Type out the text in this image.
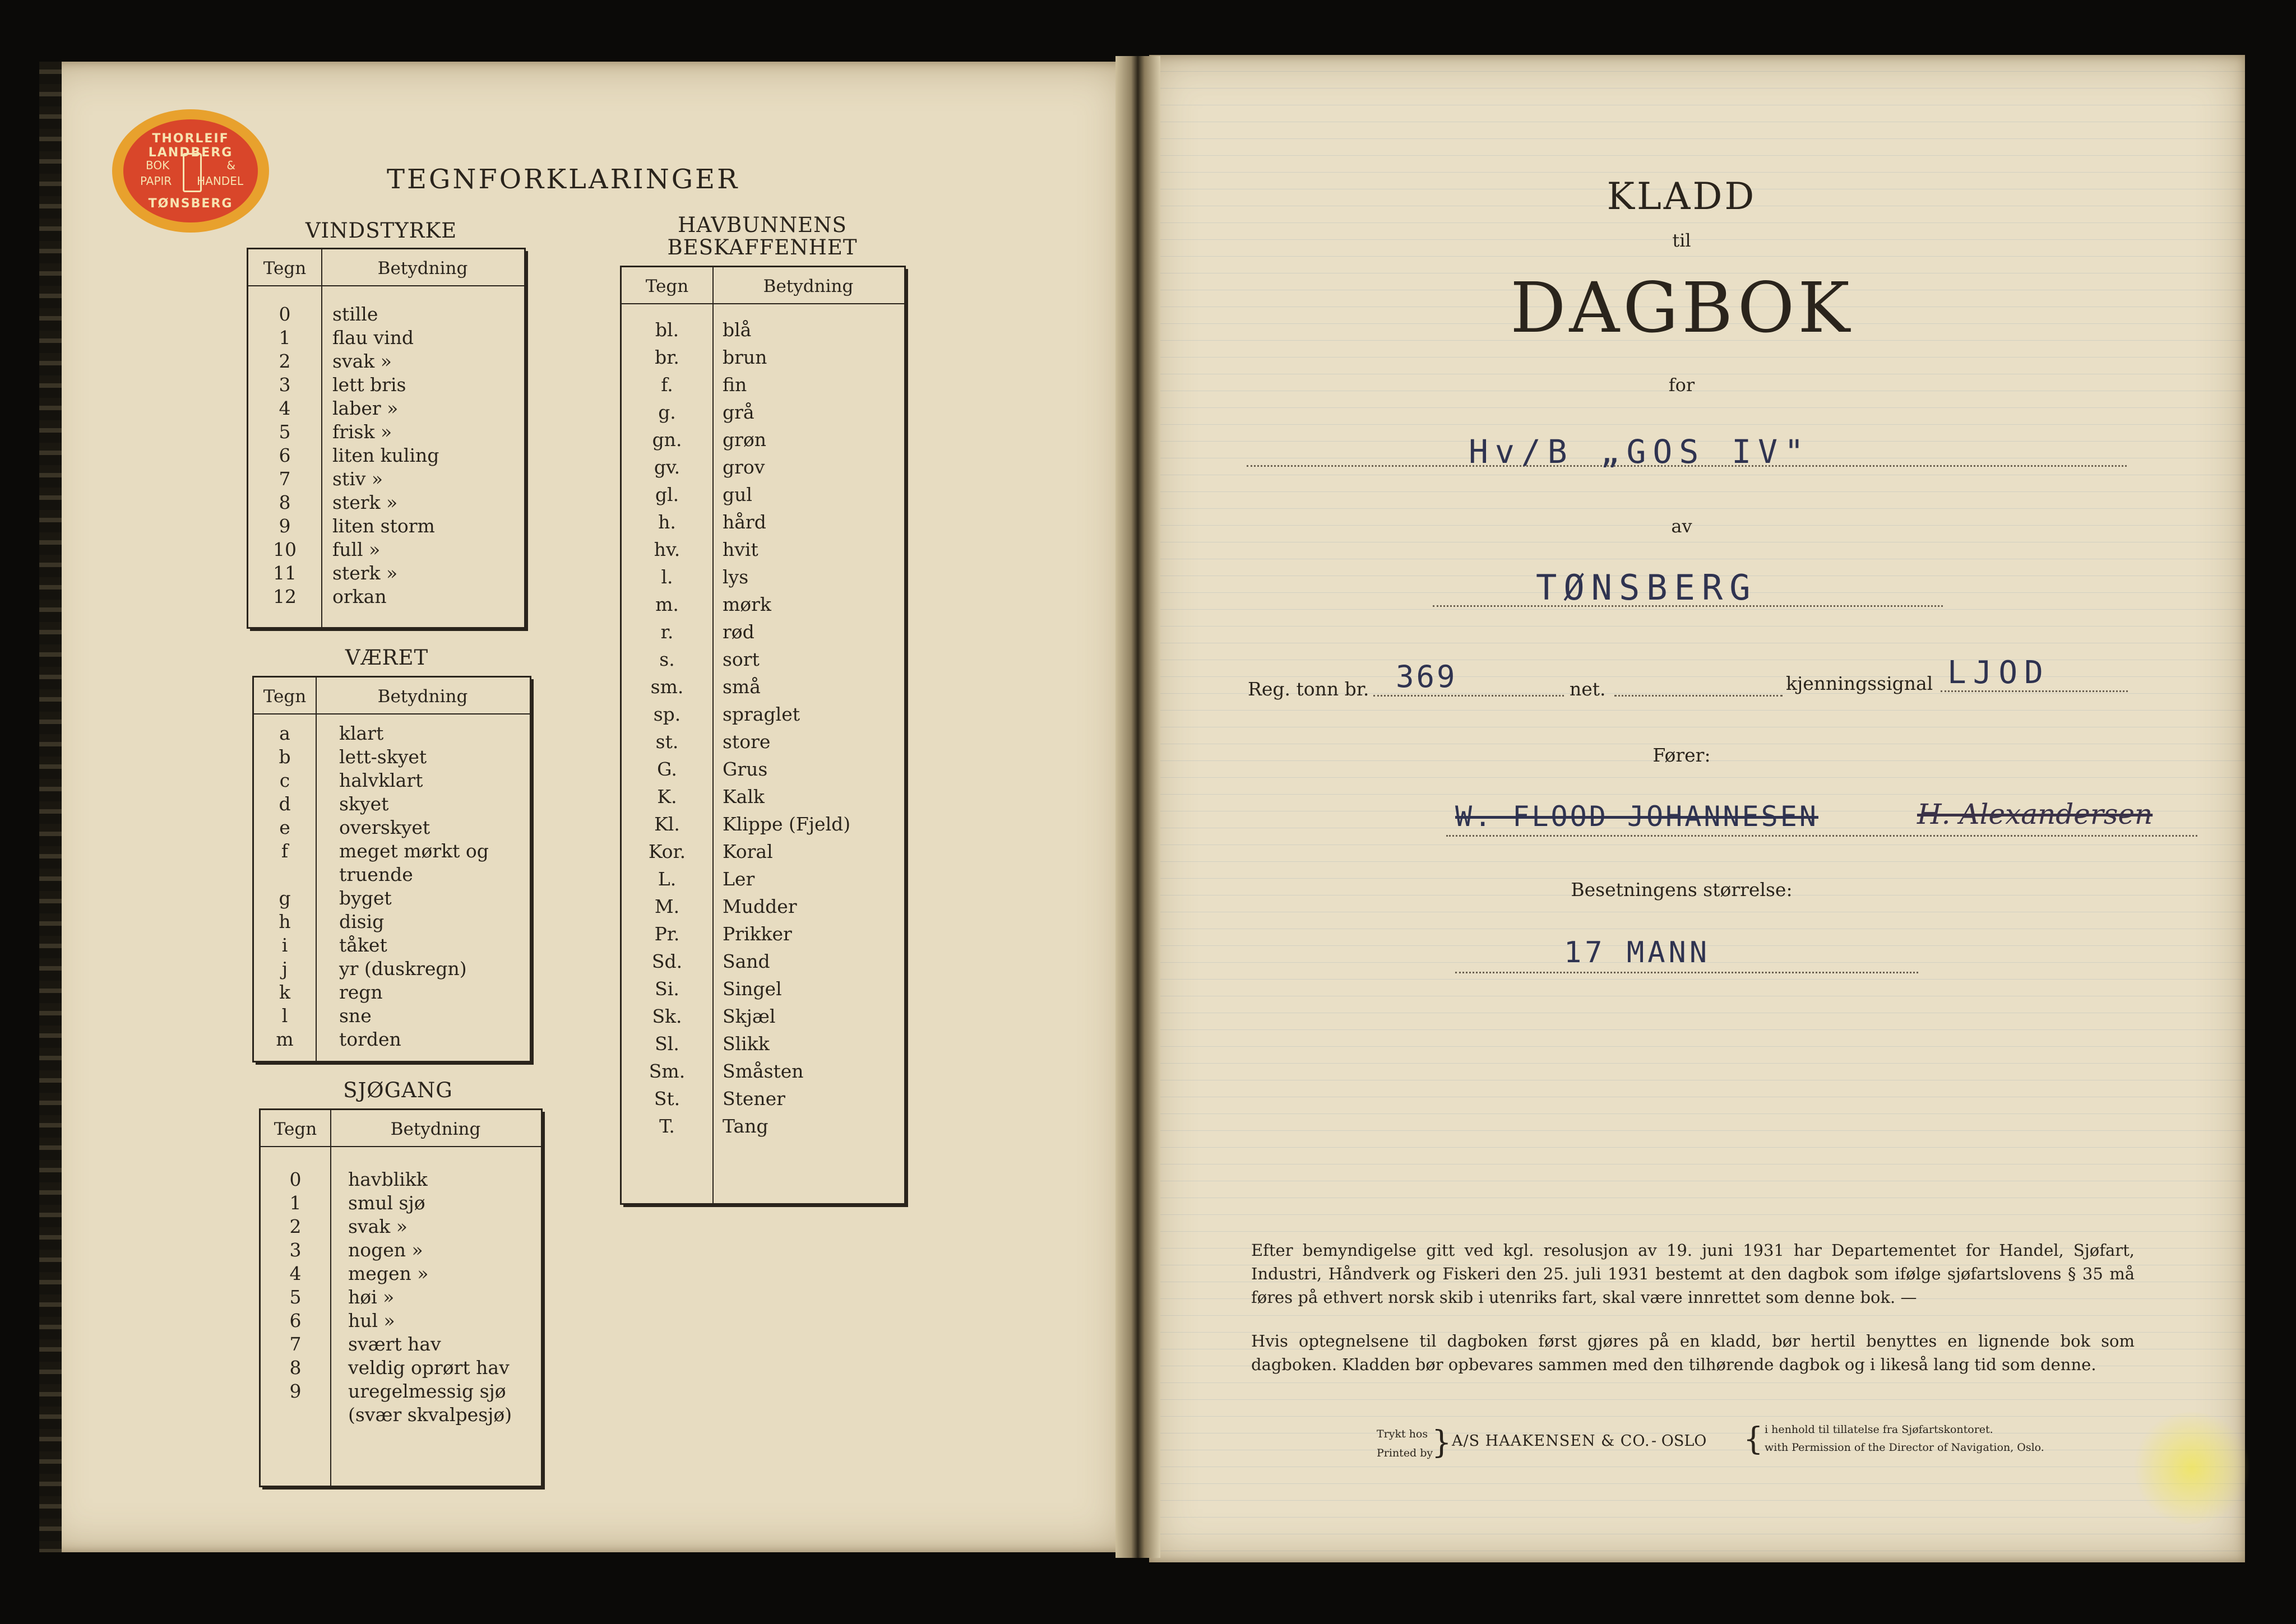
THORLEIF LANDBERG
BOK	&
PAPIR HANDEL
TØNSBERG
TEGNFORKLARINGER
VINDSTYRKE
Tegn	Betydning
0	stille
1	flau vind
2	svak »
3	lett bris
4	laber »
5	frisk »
6	liten kuling
7	stiv »
8	sterk »
9	liten storm
10	full »
11	sterk »
12	orkan
VÆRET
Tegn	Betydning
a	klart
b	lett-skyet
c	halvklart
d	skyet
e	overskyet
f	meget mørkt og
truende
g	byget
h	disig
i	tåket
j	yr (duskregn)
k	regn
l	sne
m	torden
SJØGANG
Tegn	Betydning
0	havblikk
1	smul sjø
2	svak »
3	nogen »
4	megen »
5	høi »
6	hul »
7	svært hav
8	veldig oprørt hav
9	uregelmessig sjø
(svær skvalpesjø)
HAVBUNNENS
BESKAFFENHET
Tegn	Betydning
bl.	blå
br.	brun
f.	fin
g.	grå
gn.	grøn
gv.	grov
gl.	gul
h.	hård
hv.	hvit
l.	lys
m.	mørk
r.	rød
s.	sort
sm.	små
sp.	spraglet
st.	store
G.	Grus
K.	Kalk
Kl.	Klippe (Fjeld)
Kor.	Koral
L.	Ler
M.	Mudder
Pr.	Prikker
Sd.	Sand
Si.	Singel
Sk.	Skjæl
Sl.	Slikk
Sm.	Småsten
St.	Stener
T.	Tang
KLADD
til
DAGBOK
for
Hv/B „GOS IV"
av
TØNSBERG
Reg. tonn br. 369	net.	kjenningssignal LJOD
Fører:
W. FLOOD JOHANNESEN	H. Alexandersen
Besetningens størrelse:
17 MANN
Efter bemyndigelse gitt ved kgl. resolusjon av 19. juni 1931 har Departementet for Handel, Sjøfart, Industri, Håndverk og Fiskeri den 25. juli 1931 bestemt at den dagbok som ifølge sjøfartslovens § 35 må føres på ethvert norsk skib i utenriks fart, skal være innrettet som denne bok. —
Hvis optegnelsene til dagboken først gjøres på en kladd, bør hertil benyttes en lignende bok som dagboken. Kladden bør opbevares sammen med den tilhørende dagbok og i likeså lang tid som denne.
Trykt hos
Printed by
} A/S HAAKENSEN & CO. - OSLO { i henhold til tillatelse fra Sjøfartskontoret.
with Permission of the Director of Navigation, Oslo.
